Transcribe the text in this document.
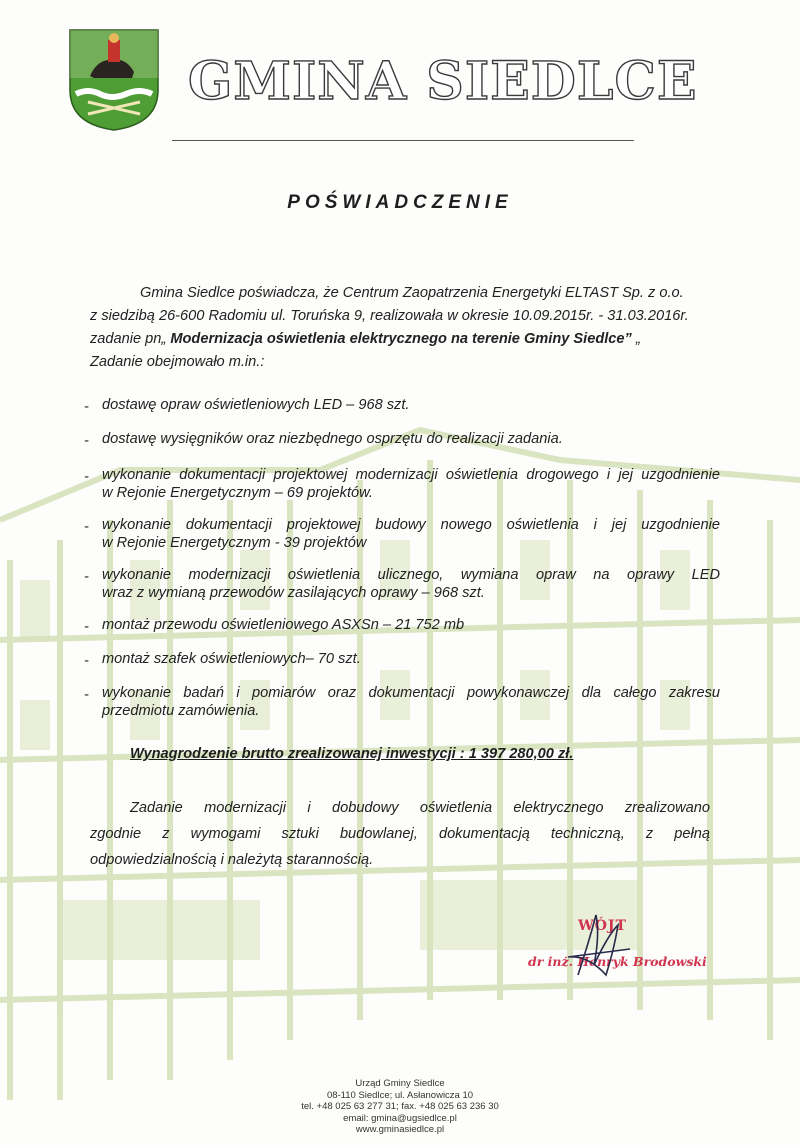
GMINA SIEDLCE
POŚWIADCZENIE
Gmina Siedlce poświadcza, że Centrum Zaopatrzenia Energetyki ELTAST Sp. z o.o.
z siedzibą 26-600 Radomiu ul. Toruńska 9, realizowała w okresie 10.09.2015r. - 31.03.2016r.
zadanie pn„ Modernizacja oświetlenia elektrycznego na terenie Gminy Siedlce” „
Zadanie obejmowało m.in.:
- dostawę opraw oświetleniowych LED – 968 szt.
- dostawę wysięgników oraz niezbędnego osprzętu do realizacji zadania.
- wykonanie dokumentacji projektowej modernizacji oświetlenia drogowego i jej uzgodnienie
w Rejonie Energetycznym – 69 projektów.
- wykonanie dokumentacji projektowej budowy nowego oświetlenia i jej uzgodnienie
w Rejonie Energetycznym - 39 projektów
- wykonanie modernizacji oświetlenia ulicznego, wymiana opraw na oprawy LED
wraz z wymianą przewodów zasilających oprawy – 968 szt.
- montaż przewodu oświetleniowego ASXSn – 21 752 mb
- montaż szafek oświetleniowych– 70 szt.
- wykonanie badań i pomiarów oraz dokumentacji powykonawczej dla całego zakresu
przedmiotu zamówienia.
Wynagrodzenie brutto zrealizowanej inwestycji : 1 397 280,00 zł.
Zadanie modernizacji i dobudowy oświetlenia elektrycznego zrealizowano
zgodnie z wymogami sztuki budowlanej, dokumentacją techniczną, z pełną
odpowiedzialnością i należytą starannością.
WÓJT
dr inż. Henryk Brodowski
Urząd Gminy Siedlce
08-110 Siedlce; ul. Asłanowicza 10
tel. +48 025 63 277 31; fax. +48 025 63 236 30
email: gmina@ugsiedlce.pl
www.gminasiedlce.pl
